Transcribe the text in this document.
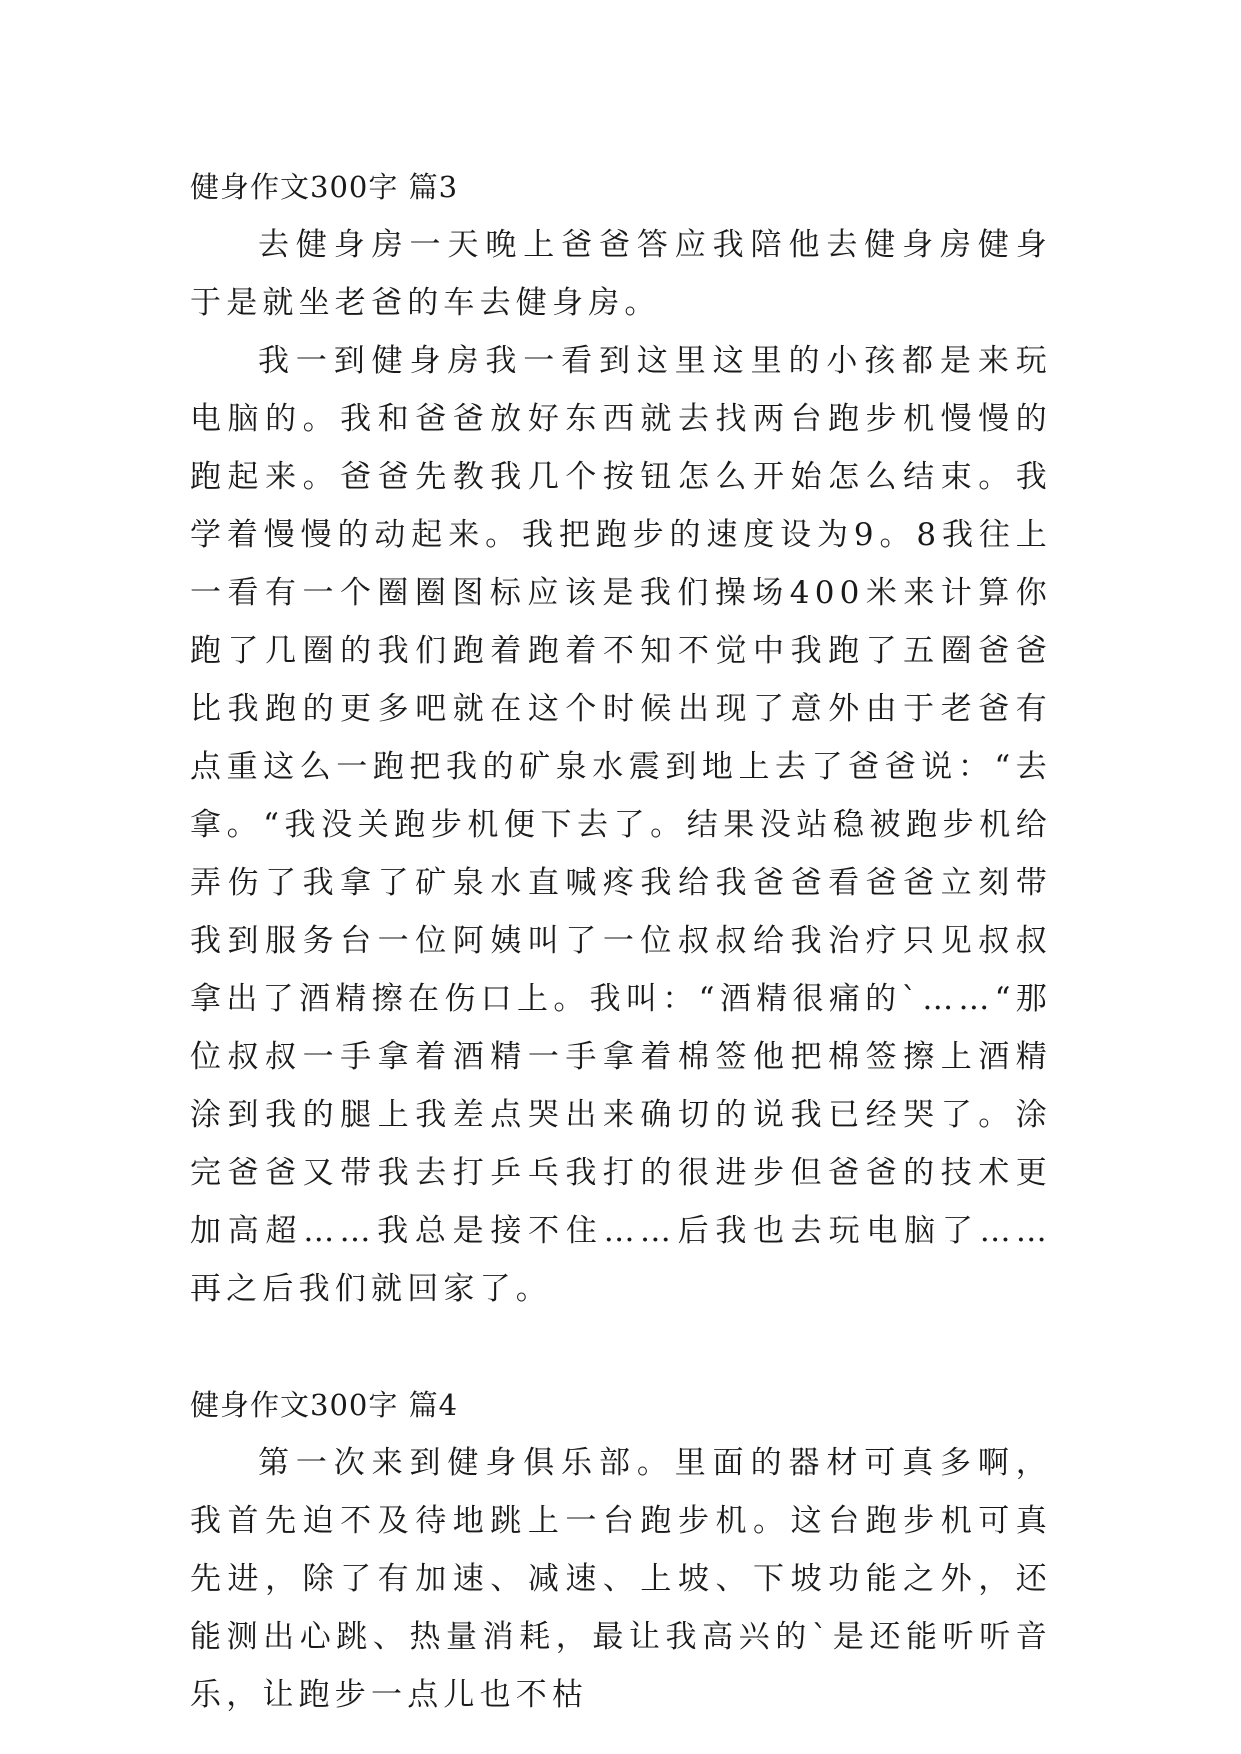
健身作文300字 篇3

去健身房一天晚上爸爸答应我陪他去健身房健身于是就坐老爸的车去健身房。

我一到健身房我一看到这里这里的小孩都是来玩电脑的。我和爸爸放好东西就去找两台跑步机慢慢的跑起来。爸爸先教我几个按钮怎么开始怎么结束。我学着慢慢的动起来。我把跑步的速度设为9。8我往上一看有一个圈圈图标应该是我们操场400米来计算你跑了几圈的我们跑着跑着不知不觉中我跑了五圈爸爸比我跑的更多吧就在这个时候出现了意外由于老爸有点重这么一跑把我的矿泉水震到地上去了爸爸说：“去拿。“我没关跑步机便下去了。结果没站稳被跑步机给弄伤了我拿了矿泉水直喊疼我给我爸爸看爸爸立刻带我到服务台一位阿姨叫了一位叔叔给我治疗只见叔叔拿出了酒精擦在伤口上。我叫：“酒精很痛的`……“那位叔叔一手拿着酒精一手拿着棉签他把棉签擦上酒精涂到我的腿上我差点哭出来确切的说我已经哭了。涂完爸爸又带我去打乒乓我打的很进步但爸爸的技术更加高超……我总是接不住……后我也去玩电脑了……再之后我们就回家了。

健身作文300字 篇4

第一次来到健身俱乐部。里面的器材可真多啊，我首先迫不及待地跳上一台跑步机。这台跑步机可真先进，除了有加速、减速、上坡、下坡功能之外，还能测出心跳、热量消耗，最让我高兴的`是还能听听音乐，让跑步一点儿也不枯
